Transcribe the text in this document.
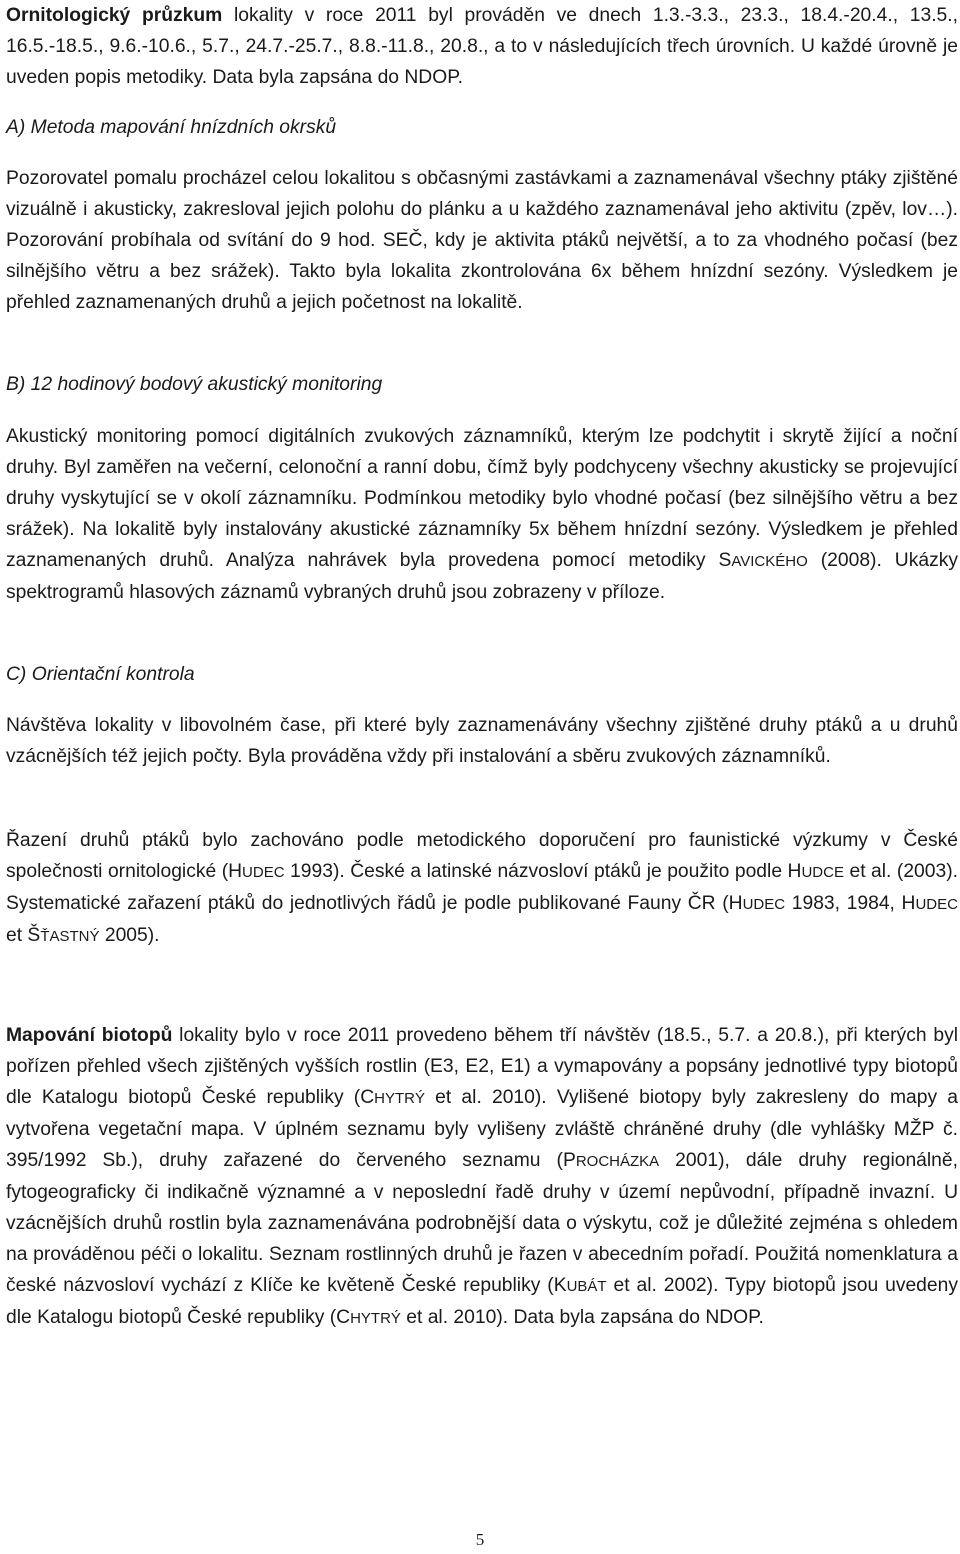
Ornitologický průzkum lokality v roce 2011 byl prováděn ve dnech 1.3.-3.3., 23.3., 18.4.-20.4., 13.5., 16.5.-18.5., 9.6.-10.6., 5.7., 24.7.-25.7., 8.8.-11.8., 20.8., a to v následujících třech úrovních. U každé úrovně je uveden popis metodiky. Data byla zapsána do NDOP.

A) Metoda mapování hnízdních okrsků

Pozorovatel pomalu procházel celou lokalitou s občasnými zastávkami a zaznamenával všechny ptáky zjištěné vizuálně i akusticky, zakresloval jejich polohu do plánku a u každého zaznamenával jeho aktivitu (zpěv, lov…). Pozorování probíhala od svítání do 9 hod. SEČ, kdy je aktivita ptáků největší, a to za vhodného počasí (bez silnějšího větru a bez srážek). Takto byla lokalita zkontrolována 6x během hnízdní sezóny. Výsledkem je přehled zaznamenaných druhů a jejich početnost na lokalitě.

B) 12 hodinový bodový akustický monitoring

Akustický monitoring pomocí digitálních zvukových záznamníků, kterým lze podchytit i skrytě žijící a noční druhy. Byl zaměřen na večerní, celonoční a ranní dobu, čímž byly podchyceny všechny akusticky se projevující druhy vyskytující se v okolí záznamníku. Podmínkou metodiky bylo vhodné počasí (bez silnějšího větru a bez srážek). Na lokalitě byly instalovány akustické záznamníky 5x během hnízdní sezóny. Výsledkem je přehled zaznamenaných druhů. Analýza nahrávek byla provedena pomocí metodiky SAVICKÉHO (2008). Ukázky spektrogramů hlasových záznamů vybraných druhů jsou zobrazeny v příloze.

C) Orientační kontrola

Návštěva lokality v libovolném čase, při které byly zaznamenávány všechny zjištěné druhy ptáků a u druhů vzácnějších též jejich počty. Byla prováděna vždy při instalování a sběru zvukových záznamníků.

Řazení druhů ptáků bylo zachováno podle metodického doporučení pro faunistické výzkumy v České společnosti ornitologické (HUDEC 1993). České a latinské názvosloví ptáků je použito podle HUDCE et al. (2003). Systematické zařazení ptáků do jednotlivých řádů je podle publikované Fauny ČR (HUDEC 1983, 1984, HUDEC et ŠŤASTNÝ 2005).

Mapování biotopů lokality bylo v roce 2011 provedeno během tří návštěv (18.5., 5.7. a 20.8.), při kterých byl pořízen přehled všech zjištěných vyšších rostlin (E3, E2, E1) a vymapovány a popsány jednotlivé typy biotopů dle Katalogu biotopů České republiky (CHYTRÝ et al. 2010). Vylišené biotopy byly zakresleny do mapy a vytvořena vegetační mapa. V úplném seznamu byly vylišeny zvláště chráněné druhy (dle vyhlášky MŽP č. 395/1992 Sb.), druhy zařazené do červeného seznamu (PROCHÁZKA 2001), dále druhy regionálně, fytogeograficky či indikačně významné a v neposlední řadě druhy v území nepůvodní, případně invazní. U vzácnějších druhů rostlin byla zaznamenávána podrobnější data o výskytu, což je důležité zejména s ohledem na prováděnou péči o lokalitu. Seznam rostlinných druhů je řazen v abecedním pořadí. Použitá nomenklatura a české názvosloví vychází z Klíče ke květeně České republiky (KUBÁT et al. 2002). Typy biotopů jsou uvedeny dle Katalogu biotopů České republiky (CHYTRÝ et al. 2010). Data byla zapsána do NDOP.

5
